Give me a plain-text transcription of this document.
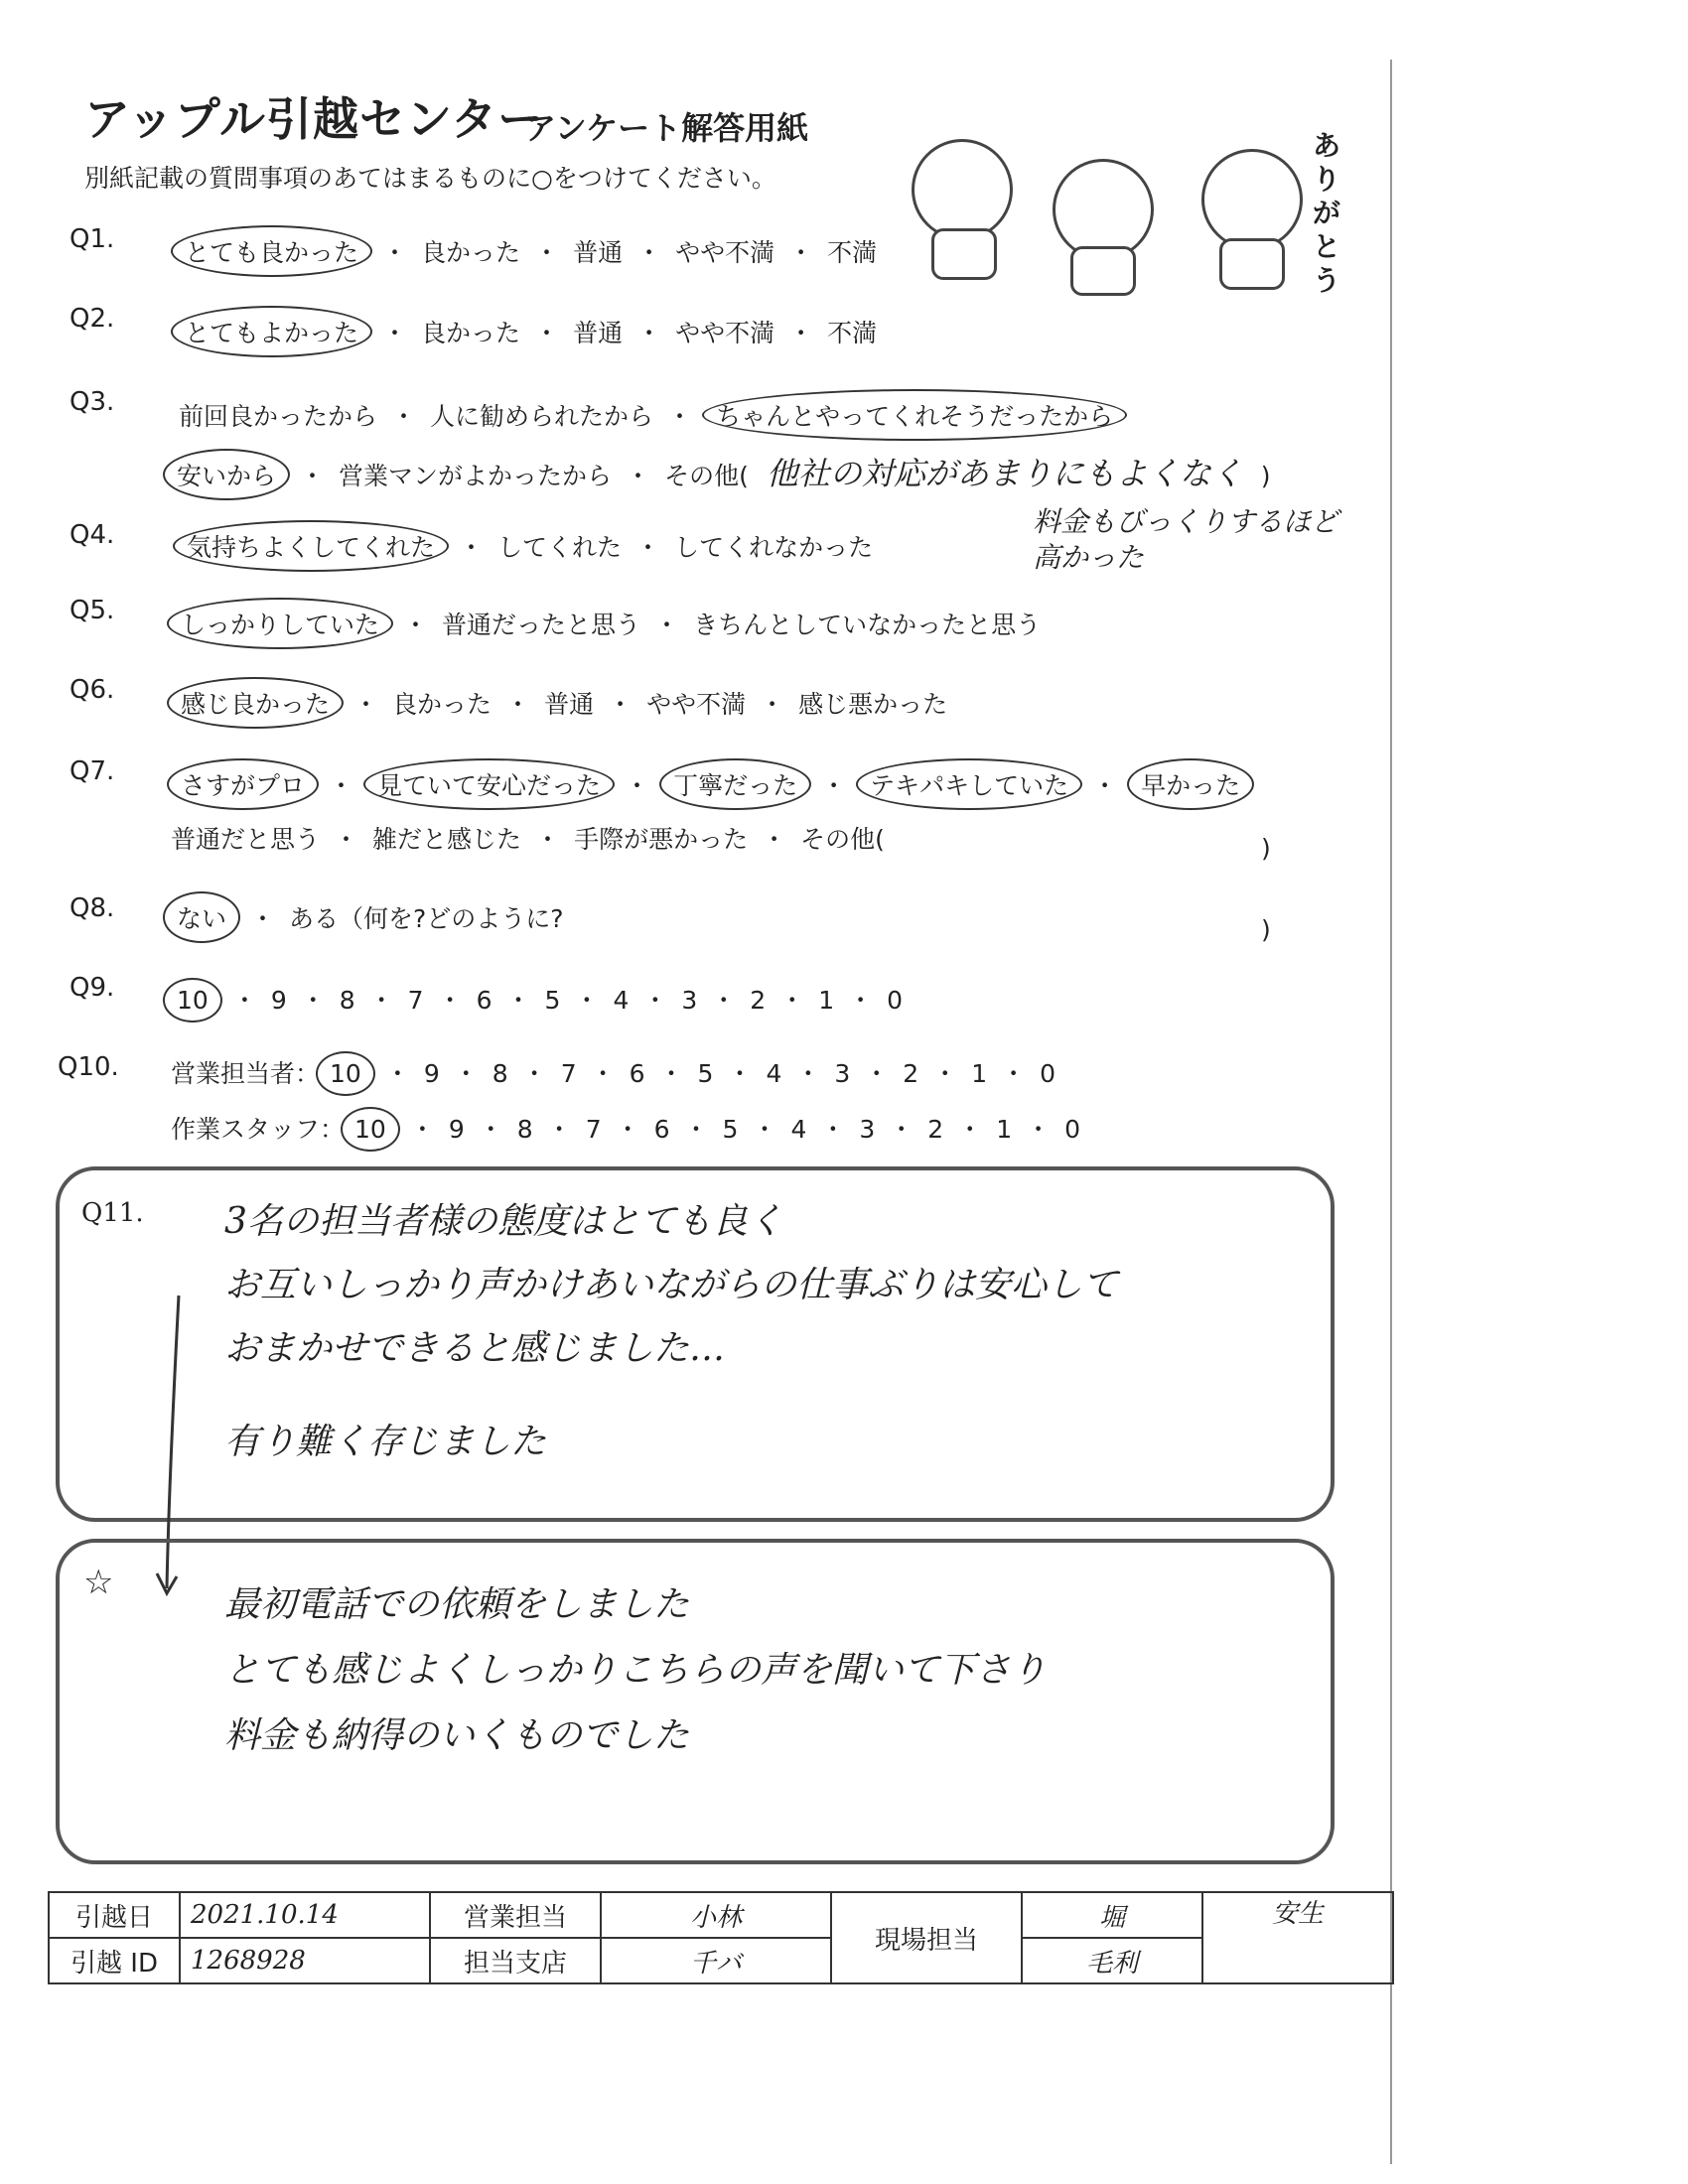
アップル引越センター
アンケート解答用紙
別紙記載の質問事項のあてはまるものに○をつけてください。
ありがとう
Q1.	とても良かった ・ 良かった ・ 普通 ・ やや不満 ・ 不満
Q2.	とてもよかった ・ 良かった ・ 普通 ・ やや不満 ・ 不満
Q3.	前回良かったから ・ 人に勧められたから ・ ちゃんとやってくれそうだったから
安いから ・ 営業マンがよかったから ・ その他( 他社の対応があまりにもよくなく )
料金もびっくりするほど高かった
Q4.	気持ちよくしてくれた ・ してくれた ・ してくれなかった
Q5.	しっかりしていた ・ 普通だったと思う ・ きちんとしていなかったと思う
Q6.	感じ良かった ・ 良かった ・ 普通 ・ やや不満 ・ 感じ悪かった
Q7.	さすがプロ ・ 見ていて安心だった ・ 丁寧だった ・ テキパキしていた ・ 早かった
普通だと思う ・ 雑だと感じた ・ 手際が悪かった ・ その他(	)
Q8.	ない ・ ある（何を?どのように?	)
Q9.	10 ・ 9 ・ 8 ・ 7 ・ 6 ・ 5 ・ 4 ・ 3 ・ 2 ・ 1 ・ 0
Q10. 営業担当者： 10 ・ 9 ・ 8 ・ 7 ・ 6 ・ 5 ・ 4 ・ 3 ・ 2 ・ 1 ・ 0
作業スタッフ： 10 ・ 9 ・ 8 ・ 7 ・ 6 ・ 5 ・ 4 ・ 3 ・ 2 ・ 1 ・ 0
Q11. 3名の担当者様の態度はとても良く
お互いしっかり声かけあいながらの仕事ぶりは安心して
おまかせできると感じました…
有り難く存じました
☆
最初電話での依頼をしました
とても感じよくしっかりこちらの声を聞いて下さり
料金も納得のいくものでした
引越日	2021.10.14	営業担当	小林	現場担当	堀	安生
引越 ID	1268928	担当支店	千バ		毛利	
